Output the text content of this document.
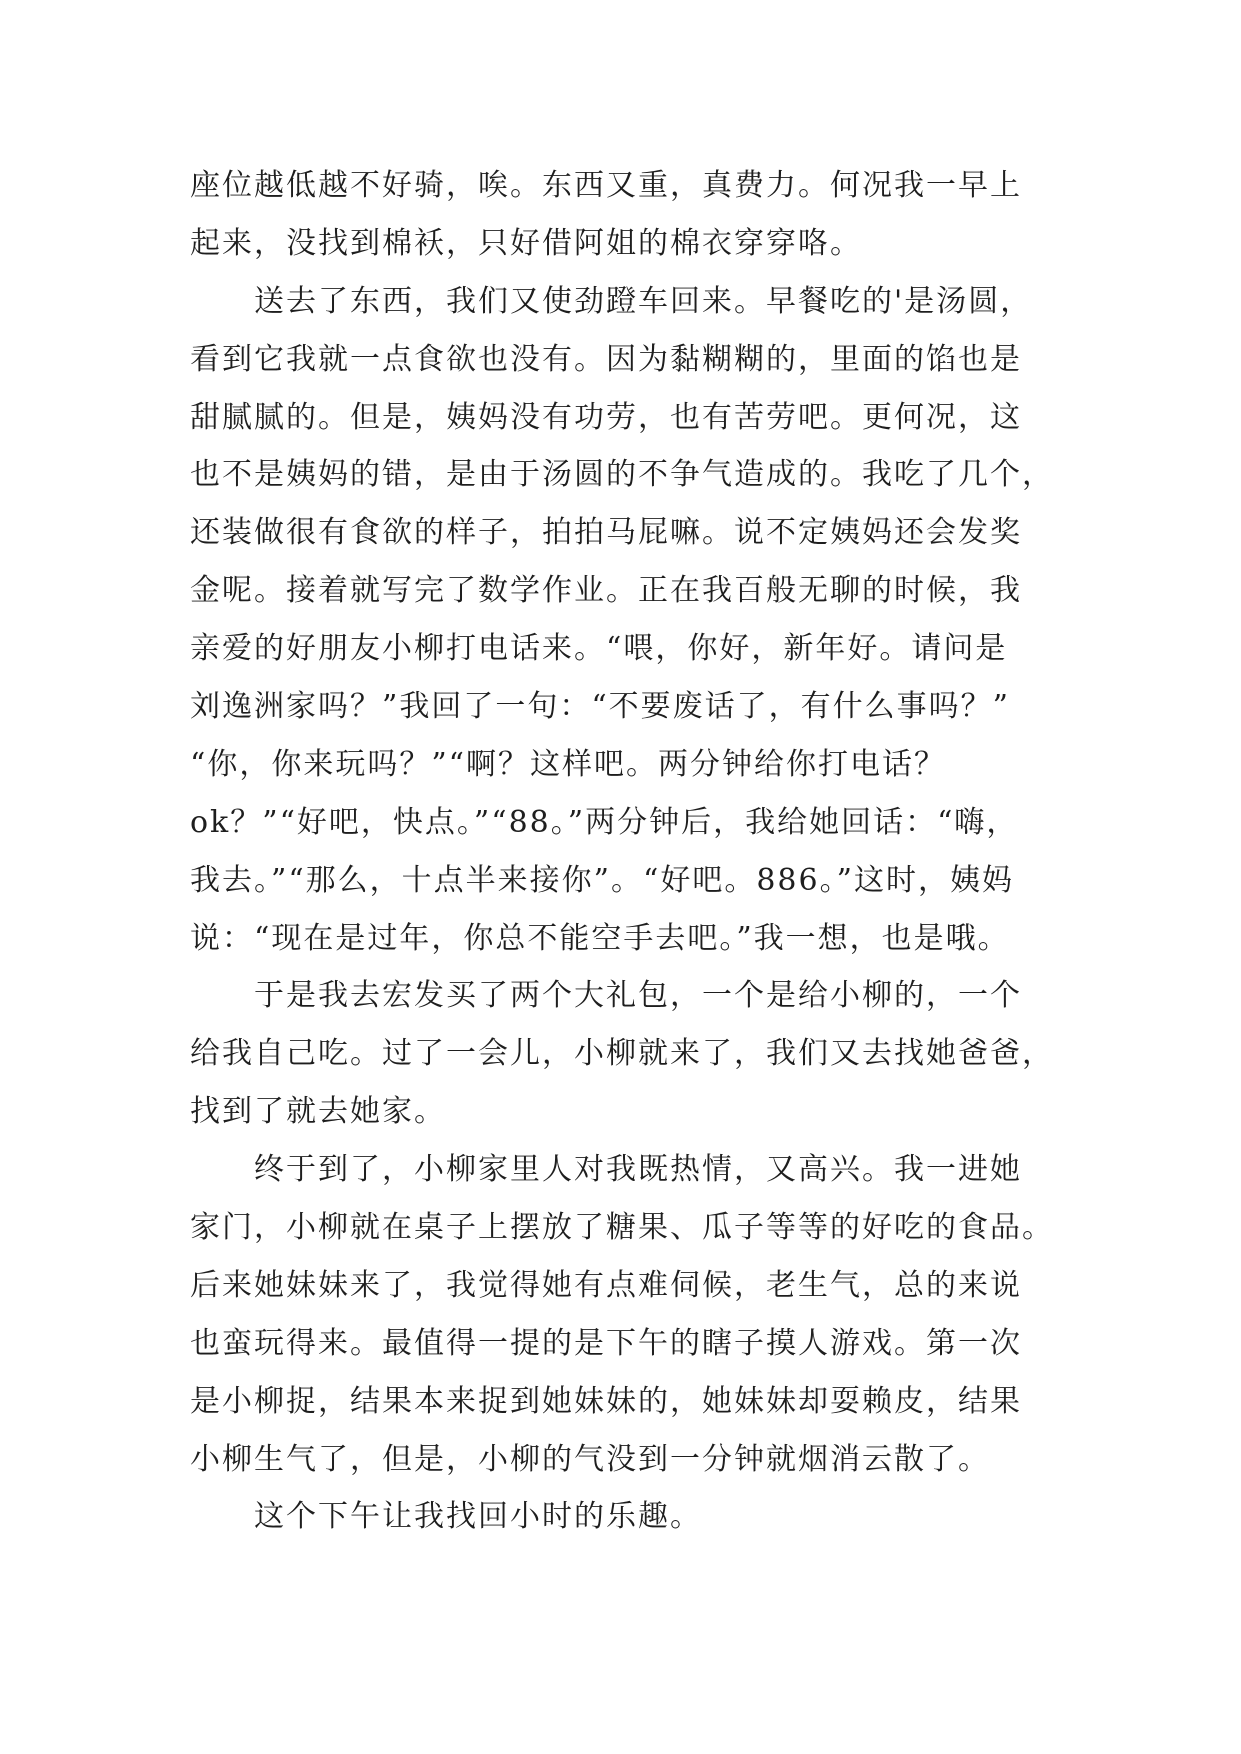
座位越低越不好骑，唉。东西又重，真费力。何况我一早上
起来，没找到棉袄，只好借阿姐的棉衣穿穿咯。
送去了东西，我们又使劲蹬车回来。早餐吃的'是汤圆，
看到它我就一点食欲也没有。因为黏糊糊的，里面的馅也是
甜腻腻的。但是，姨妈没有功劳，也有苦劳吧。更何况，这
也不是姨妈的错，是由于汤圆的不争气造成的。我吃了几个，
还装做很有食欲的样子，拍拍马屁嘛。说不定姨妈还会发奖
金呢。接着就写完了数学作业。正在我百般无聊的时候，我
亲爱的好朋友小柳打电话来。“喂，你好，新年好。请问是
刘逸洲家吗？”我回了一句：“不要废话了，有什么事吗？”
“你，你来玩吗？”“啊？这样吧。两分钟给你打电话？
ok？”“好吧，快点。”“88。”两分钟后，我给她回话：“嗨，
我去。”“那么，十点半来接你”。“好吧。886。”这时，姨妈
说：“现在是过年，你总不能空手去吧。”我一想，也是哦。
于是我去宏发买了两个大礼包，一个是给小柳的，一个
给我自己吃。过了一会儿，小柳就来了，我们又去找她爸爸，
找到了就去她家。
终于到了，小柳家里人对我既热情，又高兴。我一进她
家门，小柳就在桌子上摆放了糖果、瓜子等等的好吃的食品。
后来她妹妹来了，我觉得她有点难伺候，老生气，总的来说
也蛮玩得来。最值得一提的是下午的瞎子摸人游戏。第一次
是小柳捉，结果本来捉到她妹妹的，她妹妹却耍赖皮，结果
小柳生气了，但是，小柳的气没到一分钟就烟消云散了。
这个下午让我找回小时的乐趣。
